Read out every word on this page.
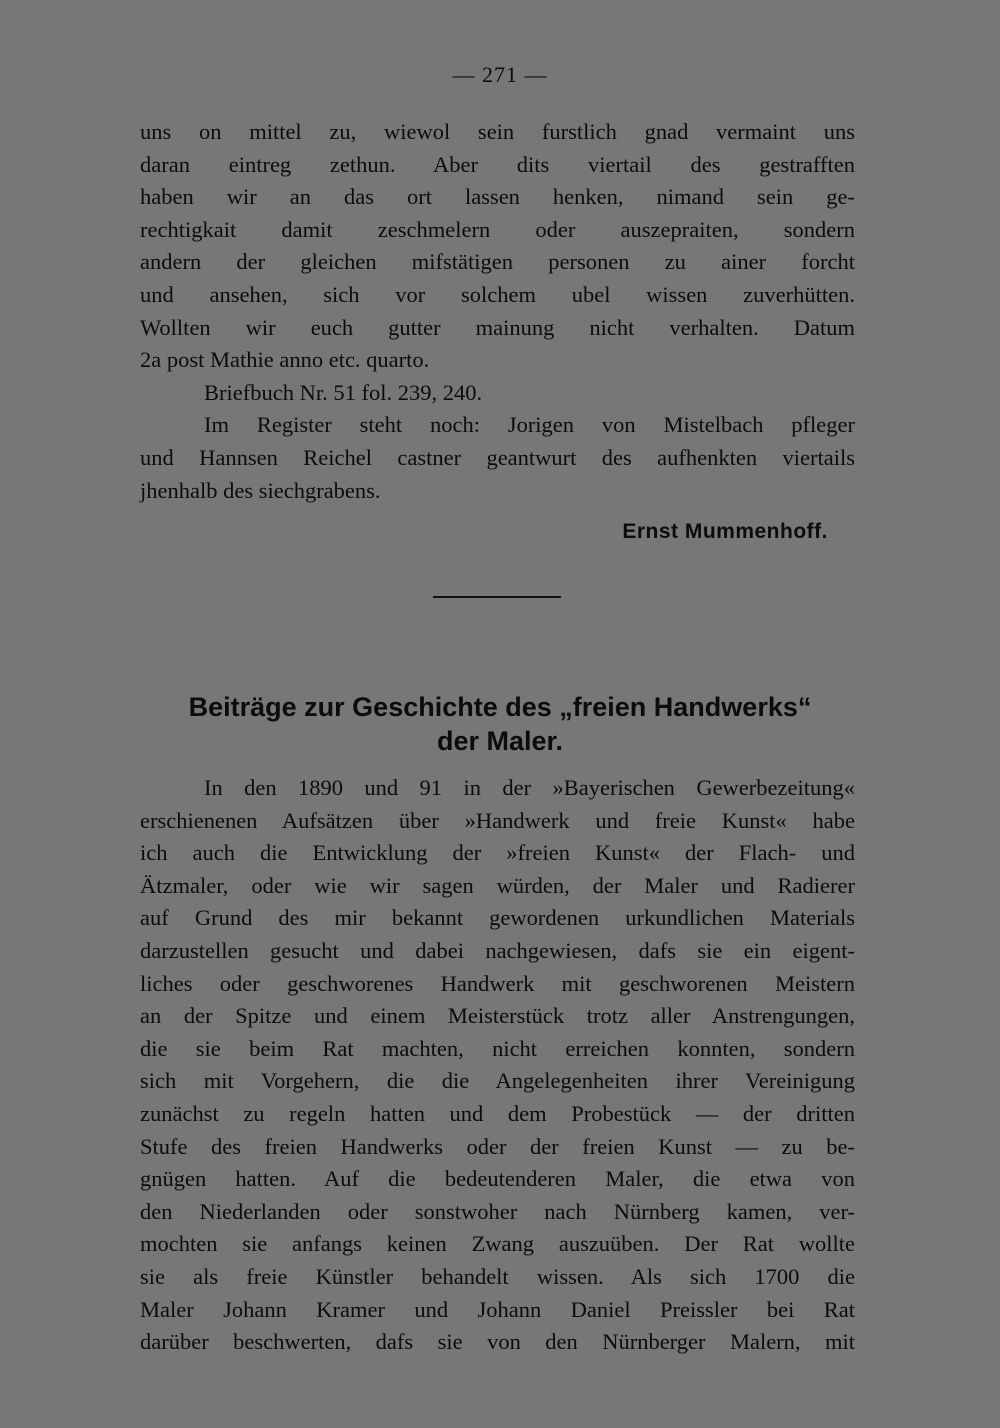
— 271 —
uns on mittel zu, wiewol sein furstlich gnad vermaint uns
daran eintreg zethun. Aber dits viertail des gestrafften
haben wir an das ort lassen henken, nimand sein ge-
rechtigkait damit zeschmelern oder auszepraiten, sondern
andern der gleichen mifstätigen personen zu ainer forcht
und ansehen, sich vor solchem ubel wissen zuverhütten.
Wollten wir euch gutter mainung nicht verhalten. Datum
2a post Mathie anno etc. quarto.
Briefbuch Nr. 51 fol. 239, 240.
Im Register steht noch: Jorigen von Mistelbach pfleger
und Hannsen Reichel castner geantwurt des aufhenkten viertails
jhenhalb des siechgrabens.
Ernst Mummenhoff.
Beiträge zur Geschichte des „freien Handwerks“
der Maler.
In den 1890 und 91 in der »Bayerischen Gewerbezeitung«
erschienenen Aufsätzen über »Handwerk und freie Kunst« habe
ich auch die Entwicklung der »freien Kunst« der Flach- und
Ätzmaler, oder wie wir sagen würden, der Maler und Radierer
auf Grund des mir bekannt gewordenen urkundlichen Materials
darzustellen gesucht und dabei nachgewiesen, dafs sie ein eigent-
liches oder geschworenes Handwerk mit geschworenen Meistern
an der Spitze und einem Meisterstück trotz aller Anstrengungen,
die sie beim Rat machten, nicht erreichen konnten, sondern
sich mit Vorgehern, die die Angelegenheiten ihrer Vereinigung
zunächst zu regeln hatten und dem Probestück — der dritten
Stufe des freien Handwerks oder der freien Kunst — zu be-
gnügen hatten. Auf die bedeutenderen Maler, die etwa von
den Niederlanden oder sonstwoher nach Nürnberg kamen, ver-
mochten sie anfangs keinen Zwang auszuüben. Der Rat wollte
sie als freie Künstler behandelt wissen. Als sich 1700 die
Maler Johann Kramer und Johann Daniel Preissler bei Rat
darüber beschwerten, dafs sie von den Nürnberger Malern, mit
